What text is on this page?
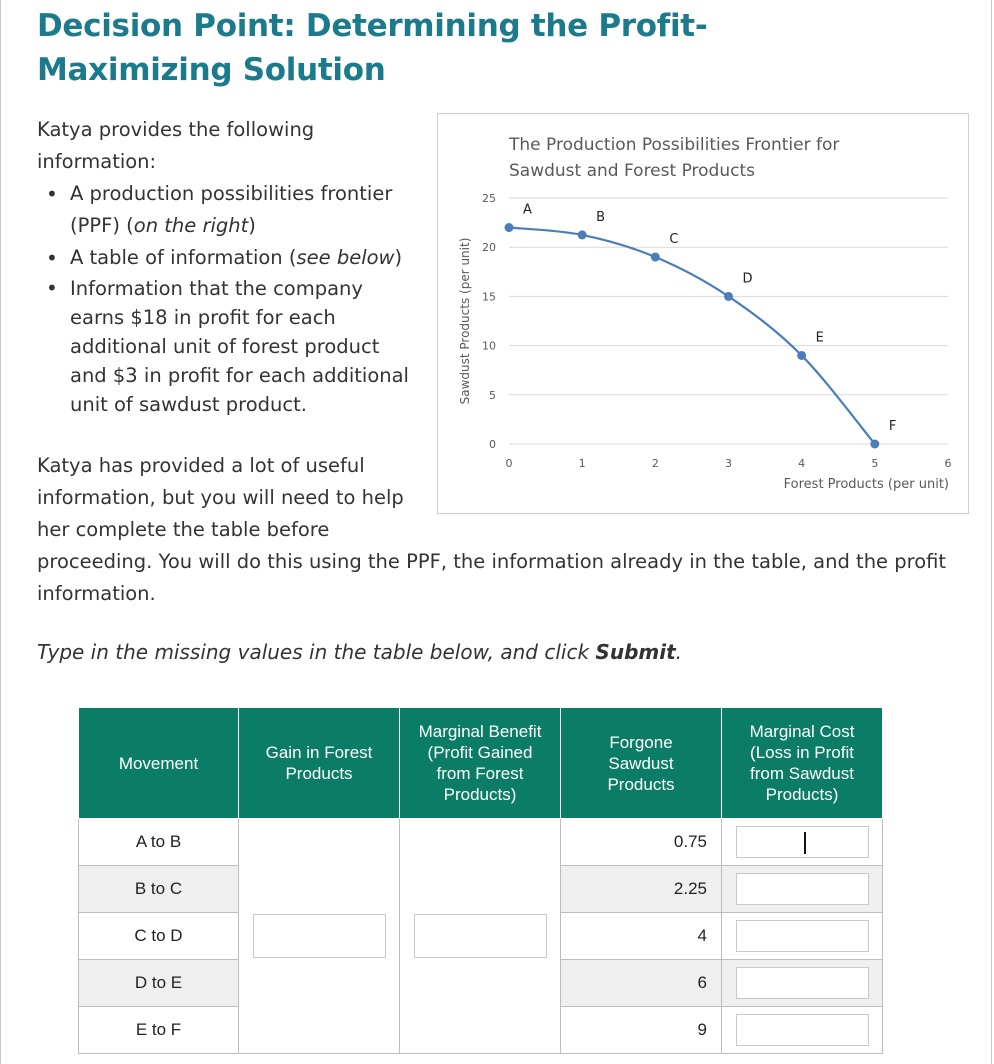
Decision Point: Determining the Profit-Maximizing Solution

Katya provides the following information:

• A production possibilities frontier (PPF) (on the right)
• A table of information (see below)
• Information that the company earns $18 in profit for each additional unit of forest product and $3 in profit for each additional unit of sawdust product.
The Production Possibilities Frontier for
Sawdust and Forest Products
0
5
10
15
20
25
0	1	2	3	4	5	6
Forest Products (per unit)
Sawdust Products (per unit)
A	B
C
D
E
F
Katya has provided a lot of useful
information, but you will need to help
her complete the table before
proceeding. You will do this using the PPF, the information already in the table, and the profit
information.
Type in the missing values in the table below, and click Submit.
Movement	Gain in Forest Products	Marginal Benefit (Profit Gained from Forest Products)	Forgone Sawdust Products	Marginal Cost (Loss in Profit from Sawdust Products)
A to B			0.75	

B to C			2.25	

C to D			4	

D to E			6	

E to F			9	
